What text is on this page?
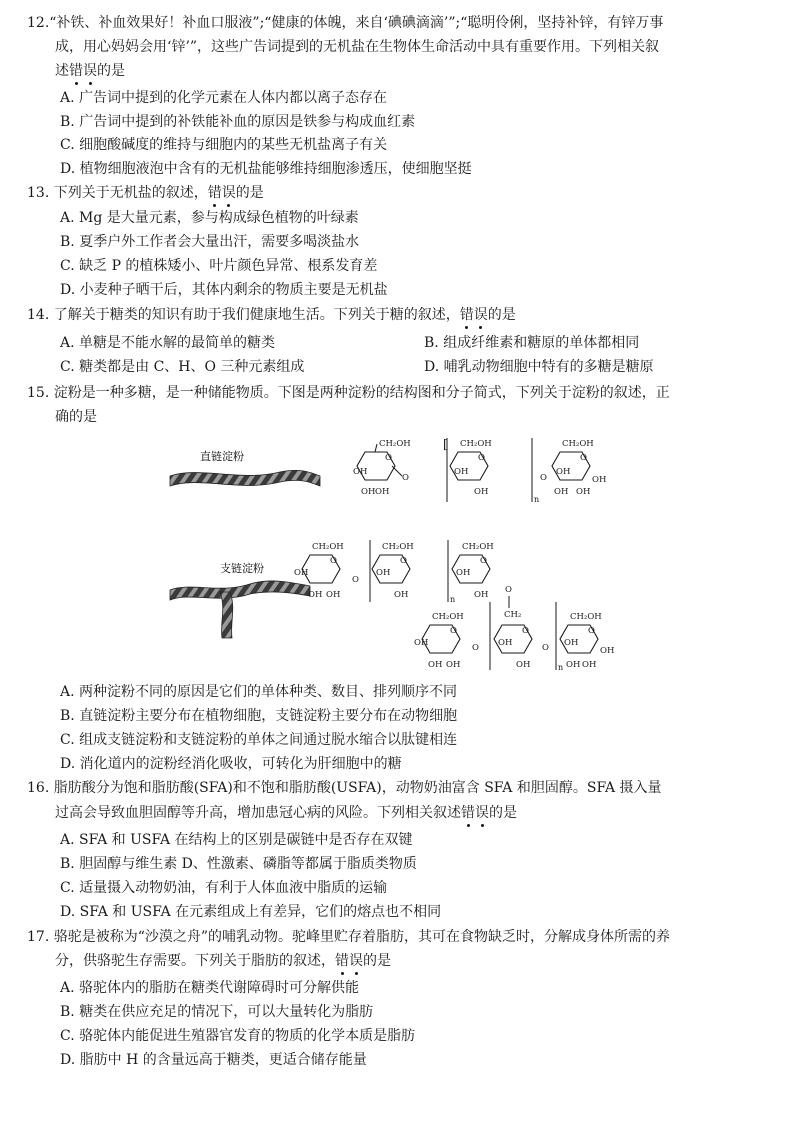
12.“补铁、补血效果好！补血口服液”;“健康的体魄，来自‘碘碘滴滴’”;“聪明伶俐，坚持补锌，有锌万事
成，用心妈妈会用‘锌’”，这些广告词提到的无机盐在生物体生命活动中具有重要作用。下列相关叙
述错误的是
A. 广告词中提到的化学元素在人体内都以离子态存在
B. 广告词中提到的补铁能补血的原因是铁参与构成血红素
C. 细胞酸碱度的维持与细胞内的某些无机盐离子有关
D. 植物细胞液泡中含有的无机盐能够维持细胞渗透压，使细胞坚挺
13. 下列关于无机盐的叙述，错误的是
A. Mg 是大量元素，参与构成绿色植物的叶绿素
B. 夏季户外工作者会大量出汗，需要多喝淡盐水
C. 缺乏 P 的植株矮小、叶片颜色异常、根系发育差
D. 小麦种子晒干后，其体内剩余的物质主要是无机盐
14. 了解关于糖类的知识有助于我们健康地生活。下列关于糖的叙述，错误的是
A. 单糖是不能水解的最简单的糖类	B. 组成纤维素和糖原的单体都相同
C. 糖类都是由 C、H、O 三种元素组成	D. 哺乳动物细胞中特有的多糖是糖原
15. 淀粉是一种多糖，是一种储能物质。下图是两种淀粉的结构图和分子简式，下列关于淀粉的叙述，正
确的是
直链淀粉
CH₂OH
O
OH
OH OH
O
[ CH₂OH
O
OH
OH
n
O
CH₂OH
O
OH
OH OH
OH
支链淀粉
CH₂OH
O
OH
OH OH
O
CH₂OH
O
OH
OH	n
CH₂OH
O
OH
OH O
CH₂OH
O
OH
OH OH
O
CH₂
O
OH
OH
O
n
CH₂OH
O
OH
OH OH
OH
A. 两种淀粉不同的原因是它们的单体种类、数目、排列顺序不同
B. 直链淀粉主要分布在植物细胞，支链淀粉主要分布在动物细胞
C. 组成支链淀粉和支链淀粉的单体之间通过脱水缩合以肽键相连
D. 消化道内的淀粉经消化吸收，可转化为肝细胞中的糖
16. 脂肪酸分为饱和脂肪酸(SFA)和不饱和脂肪酸(USFA)，动物奶油富含 SFA 和胆固醇。SFA 摄入量
过高会导致血胆固醇等升高，增加患冠心病的风险。下列相关叙述错误的是
A. SFA 和 USFA 在结构上的区别是碳链中是否存在双键
B. 胆固醇与维生素 D、性激素、磷脂等都属于脂质类物质
C. 适量摄入动物奶油，有利于人体血液中脂质的运输
D. SFA 和 USFA 在元素组成上有差异，它们的熔点也不相同
17. 骆驼是被称为“沙漠之舟”的哺乳动物。驼峰里贮存着脂肪，其可在食物缺乏时，分解成身体所需的养
分，供骆驼生存需要。下列关于脂肪的叙述，错误的是
A. 骆驼体内的脂肪在糖类代谢障碍时可分解供能
B. 糖类在供应充足的情况下，可以大量转化为脂肪
C. 骆驼体内能促进生殖器官发育的物质的化学本质是脂肪
D. 脂肪中 H 的含量远高于糖类，更适合储存能量
